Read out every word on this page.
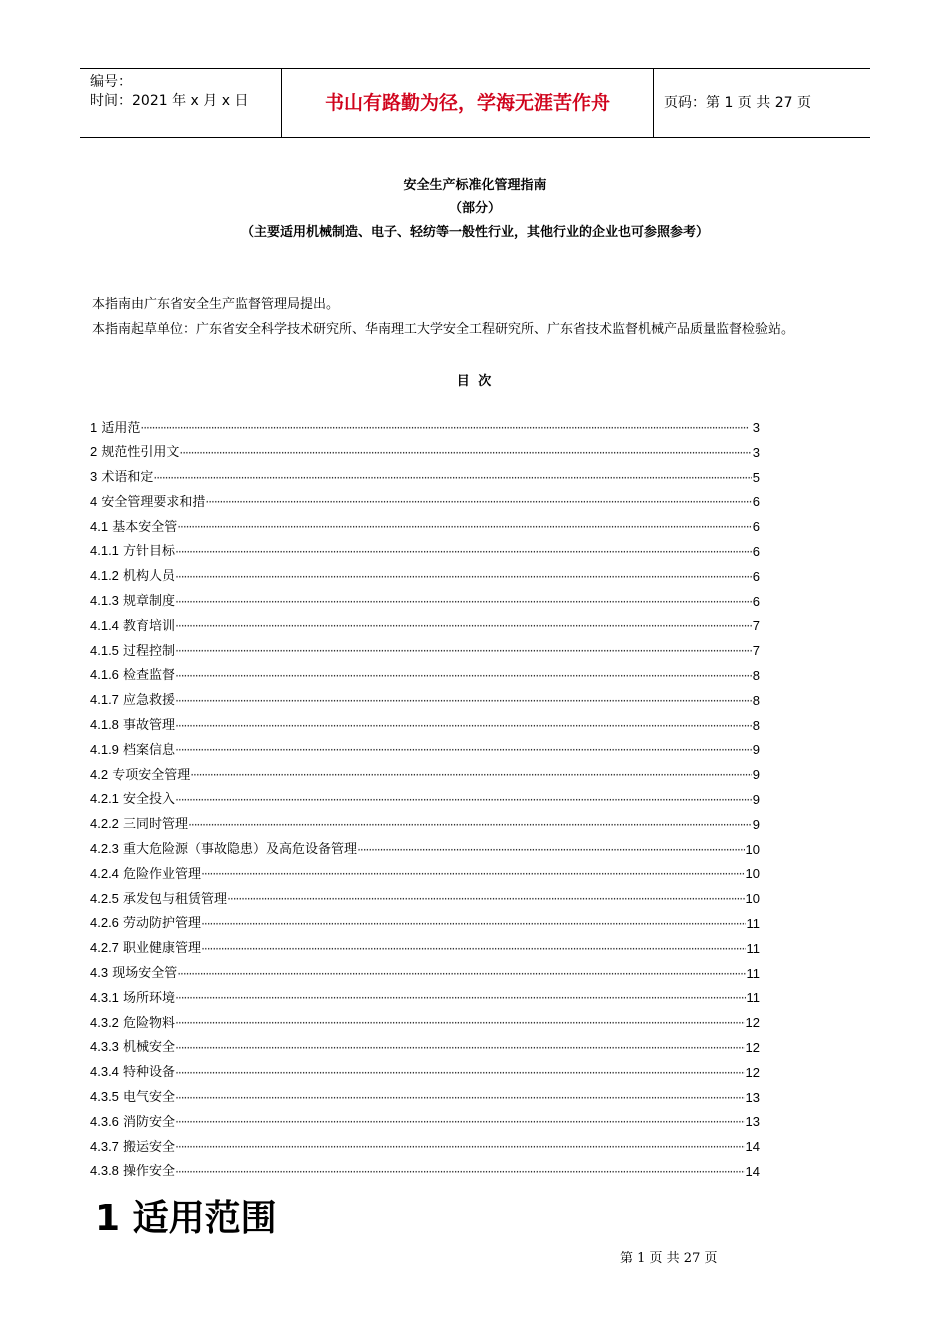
编号：
时间：2021 年 x 月 x 日	书山有路勤为径，学海无涯苦作舟	页码：第 1 页 共 27 页
安全生产标准化管理指南
（部分）
（主要适用机械制造、电子、轻纺等一般性行业，其他行业的企业也可参照参考）
本指南由广东省安全生产监督管理局提出。
本指南起草单位：广东省安全科学技术研究所、华南理工大学安全工程研究所、广东省技术监督机械产品质量监督检验站。
目 次
1 适用范 ·····	3
2 规范性引用文 ·····	3
3 术语和定 ·····	5
4 安全管理要求和措 ·····	6
4.1 基本安全管 ·····	6
4.1.1 方针目标 ·····	6
4.1.2 机构人员 ·····	6
4.1.3 规章制度 ·····	6
4.1.4 教育培训 ·····	7
4.1.5 过程控制 ·····	7
4.1.6 检查监督 ·····	8
4.1.7 应急救援 ·····	8
4.1.8 事故管理 ·····	8
4.1.9 档案信息 ·····	9
4.2 专项安全管理 ·····	9
4.2.1 安全投入 ·····	9
4.2.2 三同时管理 ·····	9
4.2.3 重大危险源（事故隐患）及高危设备管理 ·····	10
4.2.4 危险作业管理 ·····	10
4.2.5 承发包与租赁管理 ·····	10
4.2.6 劳动防护管理 ·····	11
4.2.7 职业健康管理 ·····	11
4.3 现场安全管 ·····	11
4.3.1 场所环境 ·····	11
4.3.2 危险物料 ·····	12
4.3.3 机械安全 ·····	12
4.3.4 特种设备 ·····	12
4.3.5 电气安全 ·····	13
4.3.6 消防安全 ·····	13
4.3.7 搬运安全 ·····	14
4.3.8 操作安全 ·····	14
1 适用范围
第 1 页 共 27 页
